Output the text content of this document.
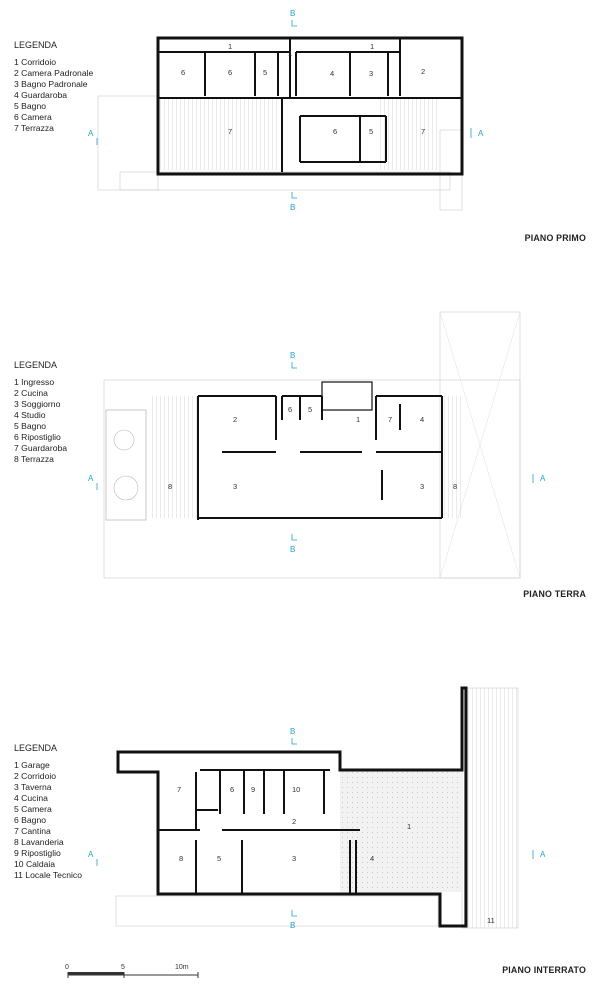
LEGENDA
1 Corridoio
2 Camera Padronale
3 Bagno Padronale
4 Guardaroba
5 Bagno
6 Camera
7 Terrazza
LEGENDA
1 Ingresso
2 Cucina
3 Soggiorno
4 Studio
5 Bagno
6 Ripostiglio
7 Guardaroba
8 Terrazza
LEGENDA
1 Garage
2 Corridoio
3 Taverna
4 Cucina
5 Camera
6 Bagno
7 Cantina
8 Lavanderia
9 Ripostiglio
10 Caldaia
11 Locale Tecnico
PIANO PRIMO
PIANO TERRA
PIANO INTERRATO
1
1
1
6	6	5	4	3	2
7	6	5	7
B
B
A	A
2
6 5
1	7	4
8	3	3	8
B
B
A	A
7	6 9	10
2
8	5	3	4
1
11
B
B
A	A
0	5	10m
